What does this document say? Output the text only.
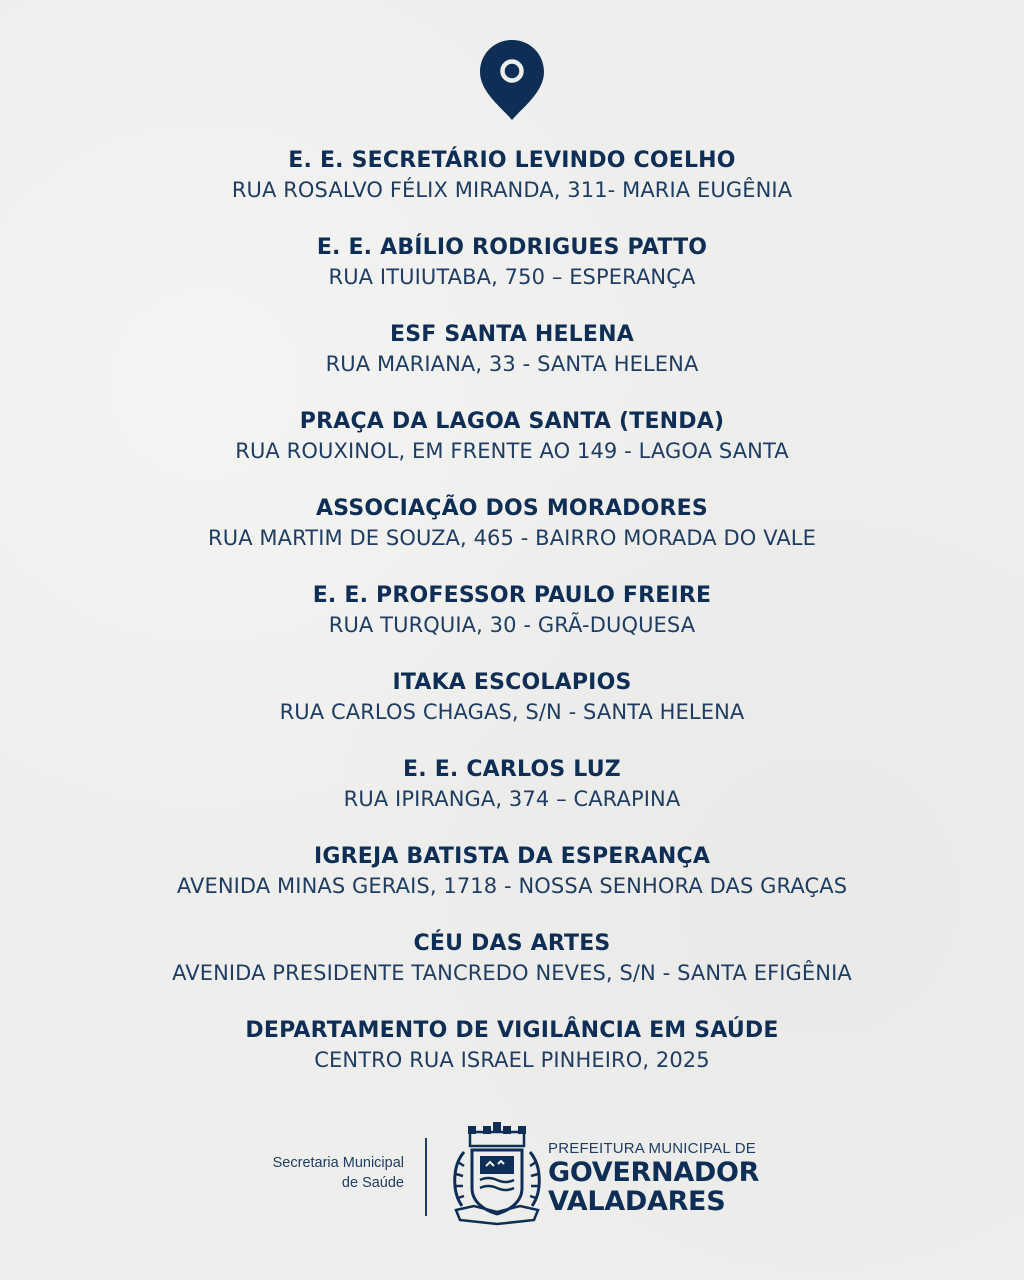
E. E. SECRETÁRIO LEVINDO COELHO
RUA ROSALVO FÉLIX MIRANDA, 311- MARIA EUGÊNIA
E. E. ABÍLIO RODRIGUES PATTO
RUA ITUIUTABA, 750 – ESPERANÇA
ESF SANTA HELENA
RUA MARIANA, 33 - SANTA HELENA
PRAÇA DA LAGOA SANTA (TENDA)
RUA ROUXINOL, EM FRENTE AO 149 - LAGOA SANTA
ASSOCIAÇÃO DOS MORADORES
RUA MARTIM DE SOUZA, 465 - BAIRRO MORADA DO VALE
E. E. PROFESSOR PAULO FREIRE
RUA TURQUIA, 30 - GRÃ-DUQUESA
ITAKA ESCOLAPIOS
RUA CARLOS CHAGAS, S/N - SANTA HELENA
E. E. CARLOS LUZ
RUA IPIRANGA, 374 – CARAPINA
IGREJA BATISTA DA ESPERANÇA
AVENIDA MINAS GERAIS, 1718 - NOSSA SENHORA DAS GRAÇAS
CÉU DAS ARTES
AVENIDA PRESIDENTE TANCREDO NEVES, S/N - SANTA EFIGÊNIA
DEPARTAMENTO DE VIGILÂNCIA EM SAÚDE
CENTRO RUA ISRAEL PINHEIRO, 2025
Secretaria Municipal
de Saúde
PREFEITURA MUNICIPAL DE
GOVERNADOR
VALADARES
